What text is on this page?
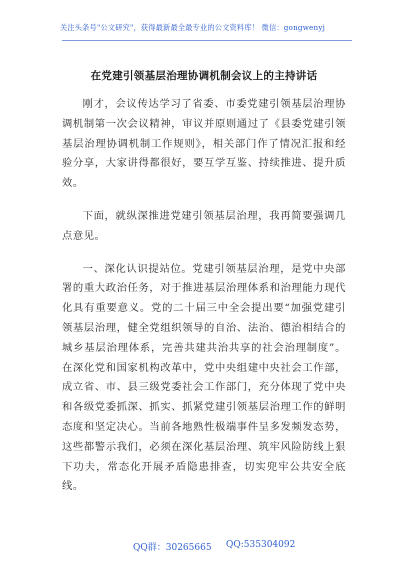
关注头条号"公文研究"，获得最新最全最专业的公文资料库！ 微信：gongwenyj
在党建引领基层治理协调机制会议上的主持讲话

刚才，会议传达学习了省委、市委党建引领基层治理协调机制第一次会议精神，审议并原则通过了《县委党建引领基层治理协调机制工作规则》，相关部门作了情况汇报和经验分享，大家讲得都很好，要互学互鉴、持续推进、提升质效。

下面，就纵深推进党建引领基层治理，我再简要强调几点意见。

一、深化认识提站位。党建引领基层治理，是党中央部署的重大政治任务，对于推进基层治理体系和治理能力现代化具有重要意义。党的二十届三中全会提出要“加强党建引领基层治理，健全党组织领导的自治、法治、德治相结合的城乡基层治理体系，完善共建共治共享的社会治理制度”。在深化党和国家机构改革中，党中央组建中央社会工作部，成立省、市、县三级党委社会工作部门，充分体现了党中央和各级党委抓深、抓实、抓紧党建引领基层治理工作的鲜明态度和坚定决心。当前各地熟性极端事件呈多发频发态势，这些都警示我们，必须在深化基层治理、筑牢风险防线上狠下功夫，常态化开展矛盾隐患排查，切实兜牢公共安全底线。

QQ群：30265665 QQ:535304092
